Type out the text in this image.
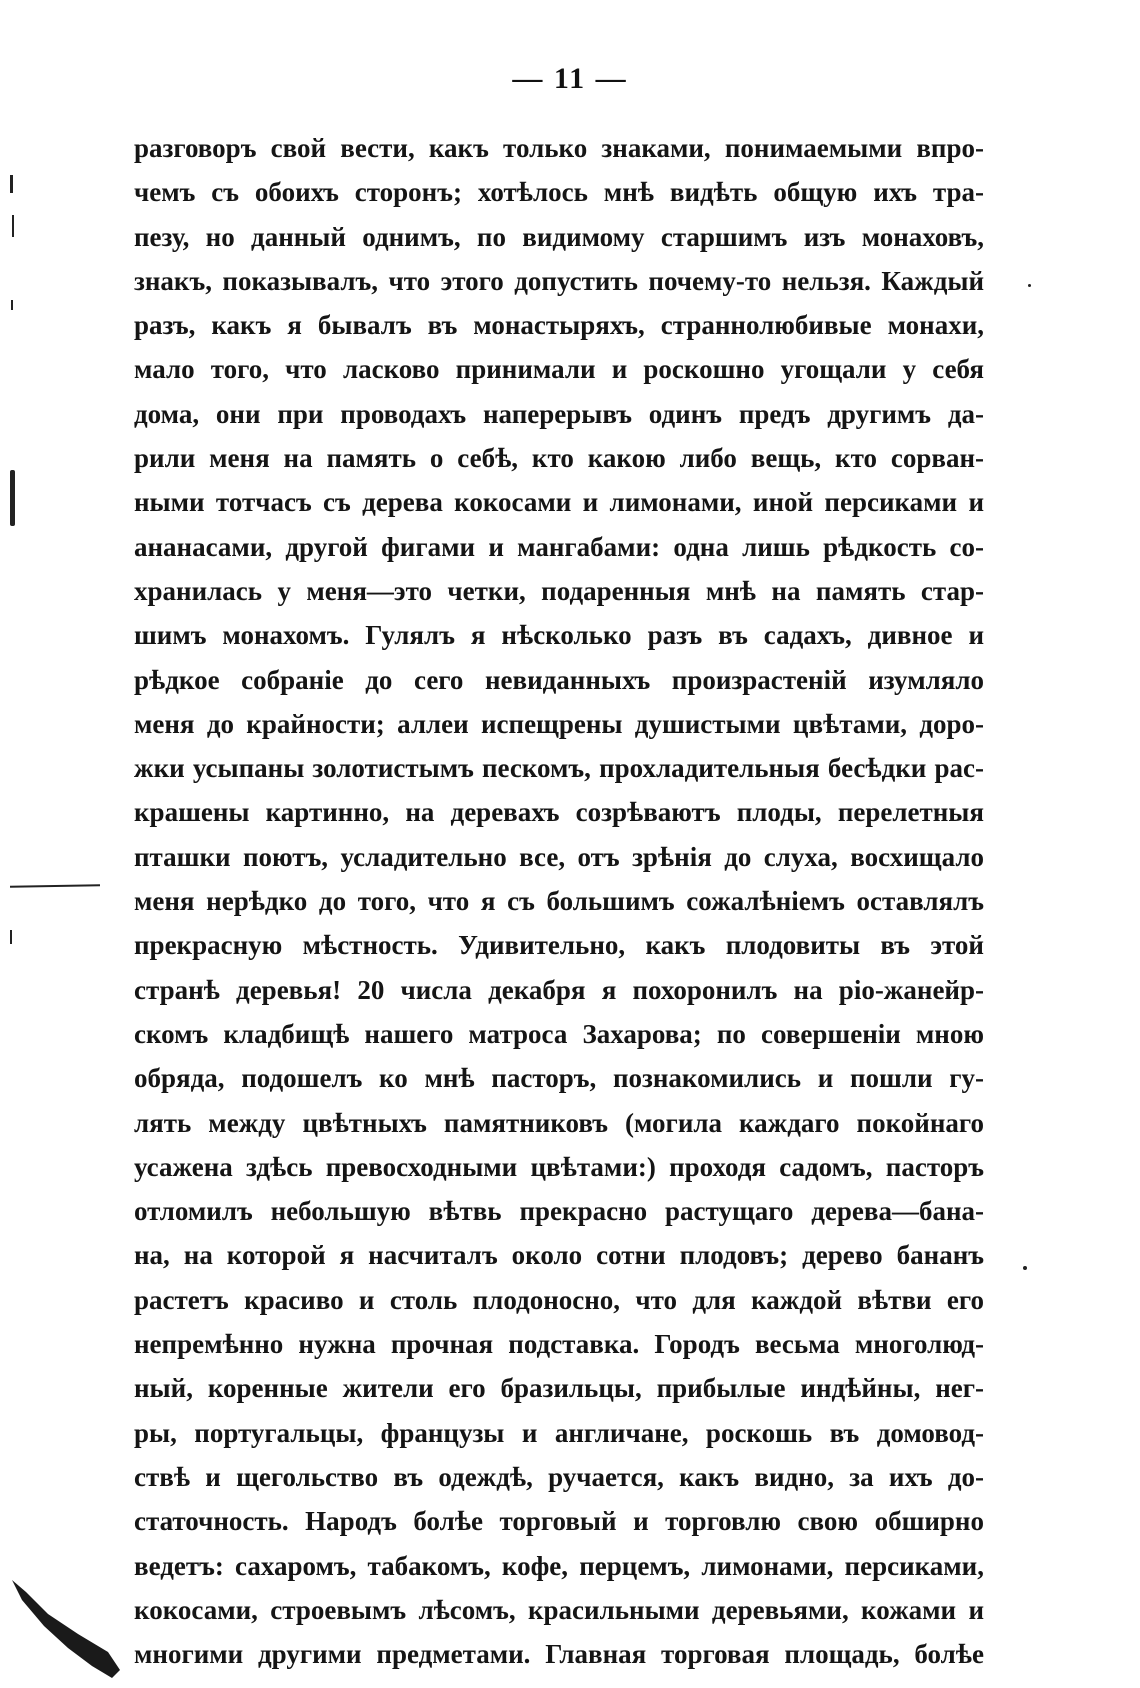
— 11 —
разговоръ свой вести, какъ только знаками, понимаемыми впро-
чемъ съ обоихъ сторонъ; хотѣлось мнѣ видѣть общую ихъ тра-
пезу, но данный однимъ, по видимому старшимъ изъ монаховъ,
знакъ, показывалъ, что этого допустить почему-то нельзя. Каждый
разъ, какъ я бывалъ въ монастыряхъ, страннолюбивые монахи,
мало того, что ласково принимали и роскошно угощали у себя
дома, они при проводахъ наперерывъ одинъ предъ другимъ да-
рили меня на память о себѣ, кто какою либо вещь, кто сорван-
ными тотчасъ съ дерева кокосами и лимонами, иной персиками и
ананасами, другой фигами и мангабами: одна лишь рѣдкость со-
хранилась у меня—это четки, подаренныя мнѣ на память стар-
шимъ монахомъ. Гулялъ я нѣсколько разъ въ садахъ, дивное и
рѣдкое собраніе до сего невиданныхъ произрастеній изумляло
меня до крайности; аллеи испещрены душистыми цвѣтами, доро-
жки усыпаны золотистымъ пескомъ, прохладительныя бесѣдки рас-
крашены картинно, на деревахъ созрѣваютъ плоды, перелетныя
пташки поютъ, усладительно все, отъ зрѣнія до слуха, восхищало
меня нерѣдко до того, что я съ большимъ сожалѣніемъ оставлялъ
прекрасную мѣстность. Удивительно, какъ плодовиты въ этой
странѣ деревья! 20 числа декабря я похоронилъ на ріо-жанейр-
скомъ кладбищѣ нашего матроса Захарова; по совершеніи мною
обряда, подошелъ ко мнѣ пасторъ, познакомились и пошли гу-
лять между цвѣтныхъ памятниковъ (могила каждаго покойнаго
усажена здѣсь превосходными цвѣтами:) проходя садомъ, пасторъ
отломилъ небольшую вѣтвь прекрасно растущаго дерева—бана-
на, на которой я насчиталъ около сотни плодовъ; дерево бананъ
растетъ красиво и столь плодоносно, что для каждой вѣтви его
непремѣнно нужна прочная подставка. Городъ весьма многолюд-
ный, коренные жители его бразильцы, прибылые индѣйны, нег-
ры, португальцы, французы и англичане, роскошь въ домовод-
ствѣ и щегольство въ одеждѣ, ручается, какъ видно, за ихъ до-
статочность. Народъ болѣе торговый и торговлю свою обширно
ведетъ: сахаромъ, табакомъ, кофе, перцемъ, лимонами, персиками,
кокосами, строевымъ лѣсомъ, красильными деревьями, кожами и
многими другими предметами. Главная торговая площадь, болѣе
